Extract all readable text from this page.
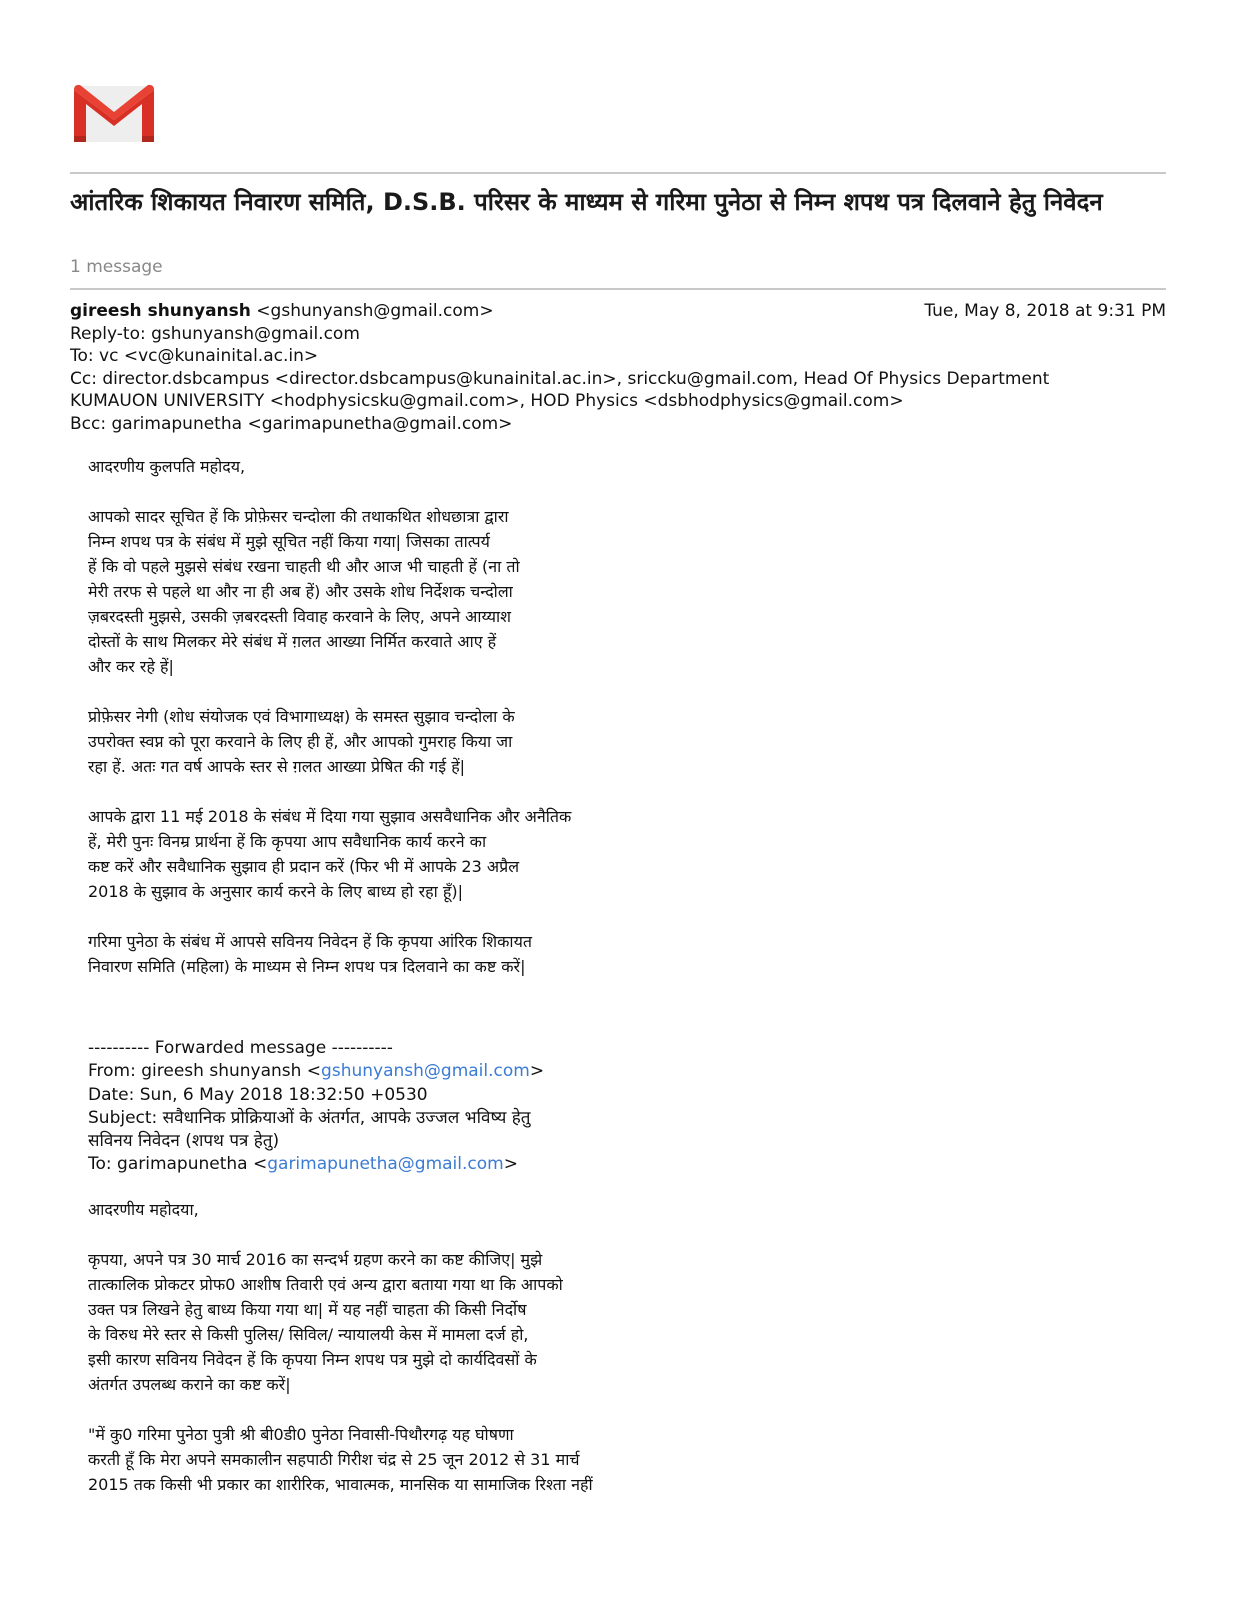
आंतरिक शिकायत निवारण समिति, D.S.B. परिसर के माध्यम से गरिमा पुनेठा से निम्न शपथ पत्र दिलवाने हेतु निवेदन
1 message
gireesh shunyansh <gshunyansh@gmail.com>	Tue, May 8, 2018 at 9:31 PM
Reply-to: gshunyansh@gmail.com
To: vc <vc@kunainital.ac.in>
Cc: director.dsbcampus <director.dsbcampus@kunainital.ac.in>, sriccku@gmail.com, Head Of Physics Department
KUMAUON UNIVERSITY <hodphysicsku@gmail.com>, HOD Physics <dsbhodphysics@gmail.com>
Bcc: garimapunetha <garimapunetha@gmail.com>

आदरणीय कुलपति महोदय,

आपको सादर सूचित हें कि प्रोफ़ेसर चन्दोला की तथाकथित शोधछात्रा द्वारा
निम्न शपथ पत्र के संबंध में मुझे सूचित नहीं किया गया| जिसका तात्पर्य
हें कि वो पहले मुझसे संबंध रखना चाहती थी और आज भी चाहती हें (ना तो
मेरी तरफ से पहले था और ना ही अब हें) और उसके शोध निर्देशक चन्दोला
ज़बरदस्ती मुझसे, उसकी ज़बरदस्ती विवाह करवाने के लिए, अपने आय्याश
दोस्तों के साथ मिलकर मेरे संबंध में ग़लत आख्या निर्मित करवाते आए हें
और कर रहे हें|

प्रोफ़ेसर नेगी (शोध संयोजक एवं विभागाध्यक्ष) के समस्त सुझाव चन्दोला के
उपरोक्त स्वप्न को पूरा करवाने के लिए ही हें, और आपको गुमराह किया जा
रहा हें. अतः गत वर्ष आपके स्तर से ग़लत आख्या प्रेषित की गई हें|

आपके द्वारा 11 मई 2018 के संबंध में दिया गया सुझाव असवैधानिक और अनैतिक
हें, मेरी पुनः विनम्र प्रार्थना हें कि कृपया आप सवैधानिक कार्य करने का
कष्ट करें और सवैधानिक सुझाव ही प्रदान करें (फिर भी में आपके 23 अप्रैल
2018 के सुझाव के अनुसार कार्य करने के लिए बाध्य हो रहा हूँ)|

गरिमा पुनेठा के संबंध में आपसे सविनय निवेदन हें कि कृपया आंरिक शिकायत
निवारण समिति (महिला) के माध्यम से निम्न शपथ पत्र दिलवाने का कष्ट करें|

---------- Forwarded message ----------
From: gireesh shunyansh <gshunyansh@gmail.com>
Date: Sun, 6 May 2018 18:32:50 +0530
Subject: सवैधानिक प्रोक्रियाओं के अंतर्गत, आपके उज्जल भविष्य हेतु
सविनय निवेदन (शपथ पत्र हेतु)
To: garimapunetha <garimapunetha@gmail.com>

आदरणीय महोदया,

कृपया, अपने पत्र 30 मार्च 2016 का सन्दर्भ ग्रहण करने का कष्ट कीजिए| मुझे
तात्कालिक प्रोकटर प्रोफ0 आशीष तिवारी एवं अन्य द्वारा बताया गया था कि आपको
उक्त पत्र लिखने हेतु बाध्य किया गया था| में यह नहीं चाहता की किसी निर्दोष
के विरुध मेरे स्तर से किसी पुलिस/ सिविल/ न्यायालयी केस में मामला दर्ज हो,
इसी कारण सविनय निवेदन हें कि कृपया निम्न शपथ पत्र मुझे दो कार्यदिवसों के
अंतर्गत उपलब्ध कराने का कष्ट करें|

"में कु0 गरिमा पुनेठा पुत्री श्री बी0डी0 पुनेठा निवासी-पिथौरगढ़ यह घोषणा
करती हूँ कि मेरा अपने समकालीन सहपाठी गिरीश चंद्र से 25 जून 2012 से 31 मार्च
2015 तक किसी भी प्रकार का शारीरिक, भावात्मक, मानसिक या सामाजिक रिश्ता नहीं
